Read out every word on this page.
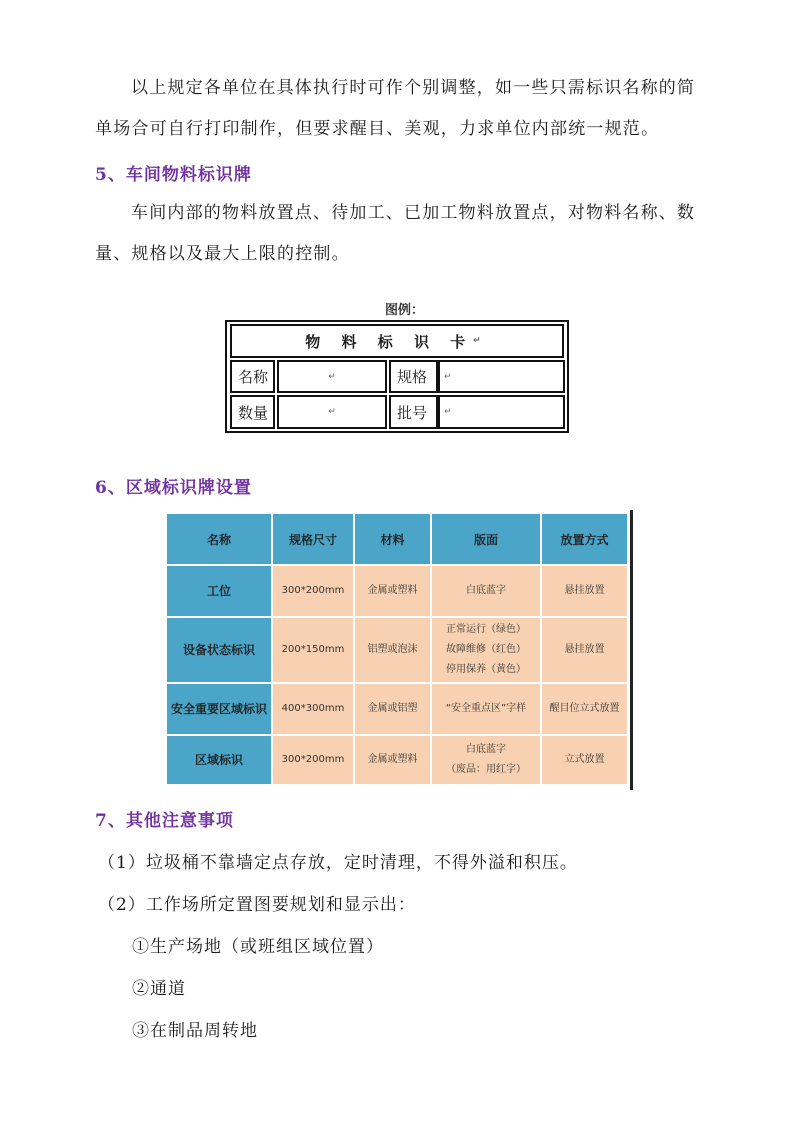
以上规定各单位在具体执行时可作个别调整，如一些只需标识名称的简单场合可自行打印制作，但要求醒目、美观，力求单位内部统一规范。
5、车间物料标识牌
车间内部的物料放置点、待加工、已加工物料放置点，对物料名称、数量、规格以及最大上限的控制。
图例：
物 料 标 识 卡 ↵
名称	↵	规格 ↵
数量	↵	批号 ↵
6、区域标识牌设置
名称	规格尺寸	材料	版面	放置方式
工位	300*200mm	金属或塑料	白底蓝字	悬挂放置
设备状态标识	200*150mm	铝塑或泡沫	正常运行（绿色）
故障维修（红色）
停用保养（黄色）	悬挂放置
安全重要区域标识	400*300mm	金属或铝塑	“安全重点区”字样	醒目位立式放置
区域标识	300*200mm	金属或塑料	白底蓝字
（废品：用红字）	立式放置
7、其他注意事项
（1）垃圾桶不靠墙定点存放，定时清理，不得外溢和积压。
（2）工作场所定置图要规划和显示出：
①生产场地（或班组区域位置）
②通道
③在制品周转地
